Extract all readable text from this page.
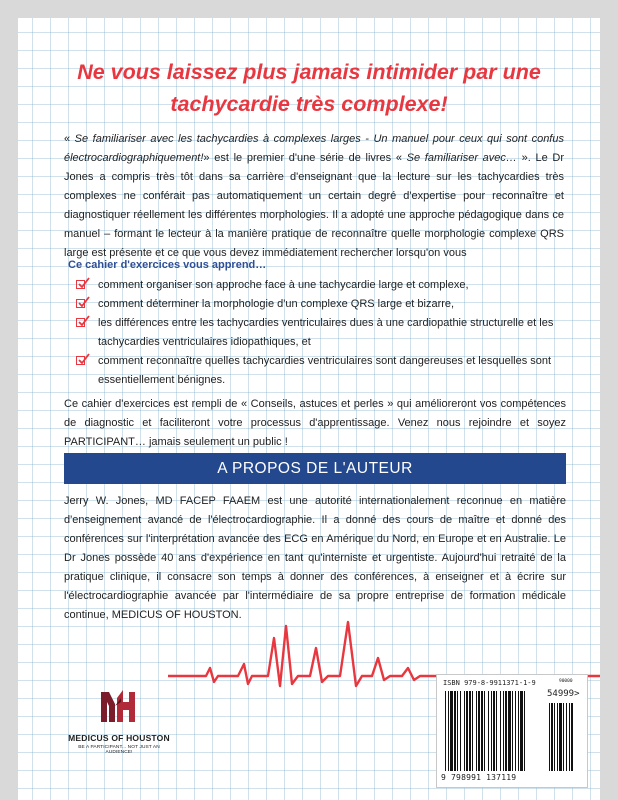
Ne vous laissez plus jamais intimider par une
tachycardie très complexe!
« Se familiariser avec les tachycardies à complexes larges - Un manuel pour ceux qui sont confus électrocardiographiquement!» est le premier d'une série de livres « Se familiariser avec… ». Le Dr Jones a compris très tôt dans sa carrière d'enseignant que la lecture sur les tachycardies très complexes ne conférait pas automatiquement un certain degré d'expertise pour reconnaître et diagnostiquer réellement les différentes morphologies. Il a adopté une approche pédagogique dans ce manuel – formant le lecteur à la manière pratique de reconnaître quelle morphologie complexe QRS large est présente et ce que vous devez immédiatement rechercher lorsqu'on vous
Ce cahier d'exercices vous apprend…
comment organiser son approche face à une tachycardie large et complexe,
comment déterminer la morphologie d'un complexe QRS large et bizarre,
les différences entre les tachycardies ventriculaires dues à une cardiopathie structurelle et les tachycardies ventriculaires idiopathiques, et
comment reconnaître quelles tachycardies ventriculaires sont dangereuses et lesquelles sont essentiellement bénignes.
Ce cahier d'exercices est rempli de « Conseils, astuces et perles » qui amélioreront vos compétences de diagnostic et faciliteront votre processus d'apprentissage. Venez nous rejoindre et soyez PARTICIPANT… jamais seulement un public !
A PROPOS DE L'AUTEUR
Jerry W. Jones, MD FACEP FAAEM est une autorité internationalement reconnue en matière d'enseignement avancé de l'électrocardiographie. Il a donné des cours de maître et donné des conférences sur l'interprétation avancée des ECG en Amérique du Nord, en Europe et en Australie. Le Dr Jones possède 40 ans d'expérience en tant qu'interniste et urgentiste. Aujourd'hui retraité de la pratique clinique, il consacre son temps à donner des conférences, à enseigner et à écrire sur l'électrocardiographie avancée par l'intermédiaire de sa propre entreprise de formation médicale continue, MEDICUS OF HOUSTON.
MEDICUS OF HOUSTON
BE A PARTICIPANT... NOT JUST AN AUDIENCE!
ISBN 979-8-9911371-1-9	90000
54999>
9 798991 137119
